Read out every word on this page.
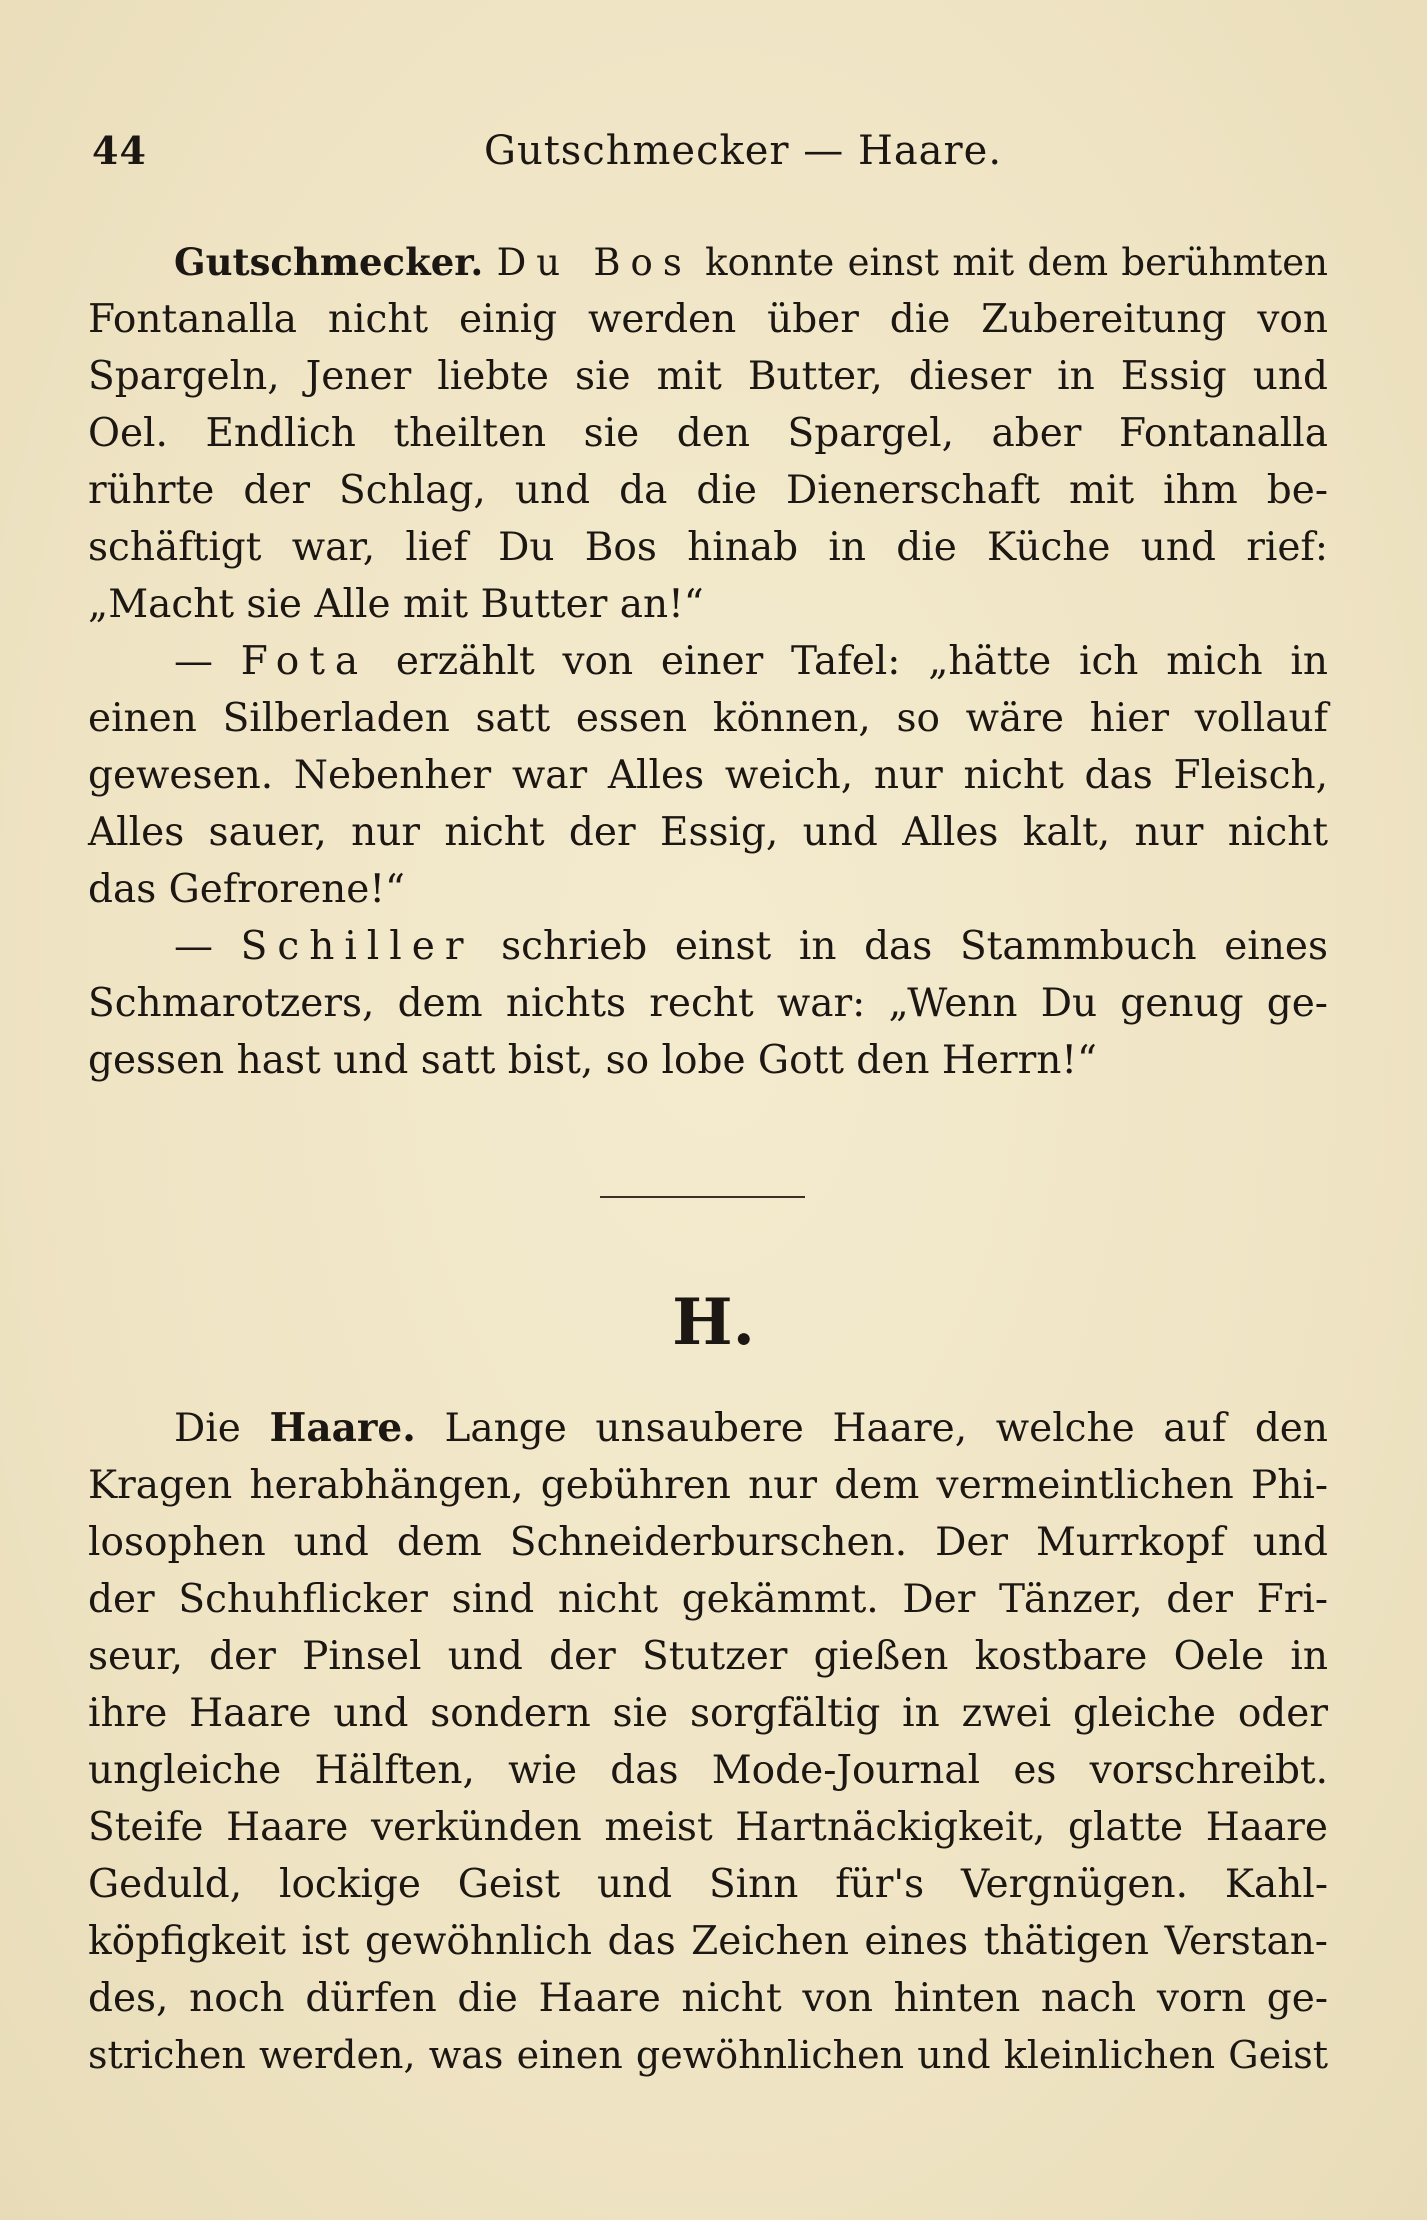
44	Gutschmecker — Haare.
Gutschmecker. Du Bos konnte einst mit dem berühmten
Fontanalla nicht einig werden über die Zubereitung von
Spargeln, Jener liebte sie mit Butter, dieser in Essig und
Oel. Endlich theilten sie den Spargel, aber Fontanalla
rührte der Schlag, und da die Dienerschaft mit ihm be-
schäftigt war, lief Du Bos hinab in die Küche und rief:
„Macht sie Alle mit Butter an!“
— Fota erzählt von einer Tafel: „hätte ich mich in
einen Silberladen satt essen können, so wäre hier vollauf
gewesen. Nebenher war Alles weich, nur nicht das Fleisch,
Alles sauer, nur nicht der Essig, und Alles kalt, nur nicht
das Gefrorene!“
— Schiller schrieb einst in das Stammbuch eines
Schmarotzers, dem nichts recht war: „Wenn Du genug ge-
gessen hast und satt bist, so lobe Gott den Herrn!“
H.
Die Haare. Lange unsaubere Haare, welche auf den
Kragen herabhängen, gebühren nur dem vermeintlichen Phi-
losophen und dem Schneiderburschen. Der Murrkopf und
der Schuhflicker sind nicht gekämmt. Der Tänzer, der Fri-
seur, der Pinsel und der Stutzer gießen kostbare Oele in
ihre Haare und sondern sie sorgfältig in zwei gleiche oder
ungleiche Hälften, wie das Mode-Journal es vorschreibt.
Steife Haare verkünden meist Hartnäckigkeit, glatte Haare
Geduld, lockige Geist und Sinn für's Vergnügen. Kahl-
köpfigkeit ist gewöhnlich das Zeichen eines thätigen Verstan-
des, noch dürfen die Haare nicht von hinten nach vorn ge-
strichen werden, was einen gewöhnlichen und kleinlichen Geist
